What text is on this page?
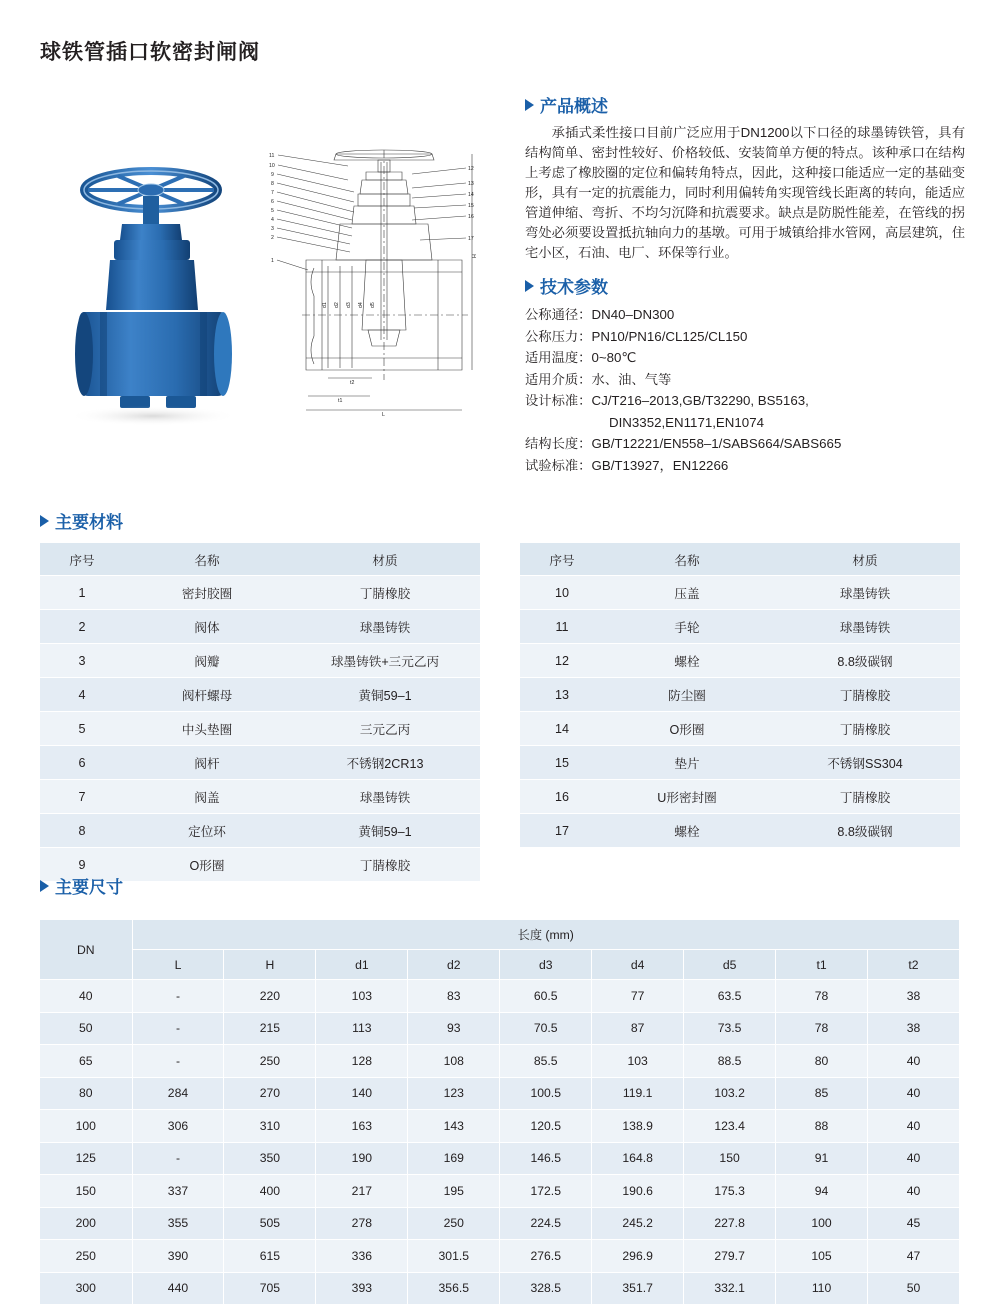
球铁管插口软密封闸阀
11
10
9
8
7
6
5
4
3
2
1
12
13
14
15
16
17
d1 d2 d3 d4 d5
H
t2
t1
L
产品概述

承插式柔性接口目前广泛应用于DN1200以下口径的球墨铸铁管，具有结构简单、密封性较好、价格较低、安装简单方便的特点。该种承口在结构上考虑了橡胶圈的定位和偏转角特点，因此，这种接口能适应一定的基础变形，具有一定的抗震能力，同时利用偏转角实现管线长距离的转向，能适应管道伸缩、弯折、不均匀沉降和抗震要求。缺点是防脱性能差，在管线的拐弯处必须要设置抵抗轴向力的基墩。可用于城镇给排水管网，高层建筑，住宅小区，石油、电厂、环保等行业。

技术参数
公称通径： DN40–DN300
公称压力： PN10/PN16/CL125/CL150
适用温度： 0~80℃
适用介质： 水、油、气等
设计标准： CJ/T216–2013,GB/T32290, BS5163,
DIN3352,EN1171,EN1074
结构长度： GB/T12221/EN558–1/SABS664/SABS665
试验标准： GB/T13927，EN12266
主要材料
序号	名称	材质
1	密封胶圈	丁腈橡胶
2	阀体	球墨铸铁
3	阀瓣	球墨铸铁+三元乙丙
4	阀杆螺母	黄铜59–1
5	中头垫圈	三元乙丙
6	阀杆	不锈钢2CR13
7	阀盖	球墨铸铁
8	定位环	黄铜59–1
9	O形圈	丁腈橡胶
序号	名称	材质
10	压盖	球墨铸铁
11	手轮	球墨铸铁
12	螺栓	8.8级碳钢
13	防尘圈	丁腈橡胶
14	O形圈	丁腈橡胶
15	垫片	不锈钢SS304
16	U形密封圈	丁腈橡胶
17	螺栓	8.8级碳钢
主要尺寸
DN	长度 (mm)								
	L	H	d1	d2	d3	d4	d5	t1	t2
40	-	220	103	83	60.5	77	63.5	78	38
50	-	215	113	93	70.5	87	73.5	78	38
65	-	250	128	108	85.5	103	88.5	80	40
80	284	270	140	123	100.5	119.1	103.2	85	40
100	306	310	163	143	120.5	138.9	123.4	88	40
125	-	350	190	169	146.5	164.8	150	91	40
150	337	400	217	195	172.5	190.6	175.3	94	40
200	355	505	278	250	224.5	245.2	227.8	100	45
250	390	615	336	301.5	276.5	296.9	279.7	105	47
300	440	705	393	356.5	328.5	351.7	332.1	110	50
